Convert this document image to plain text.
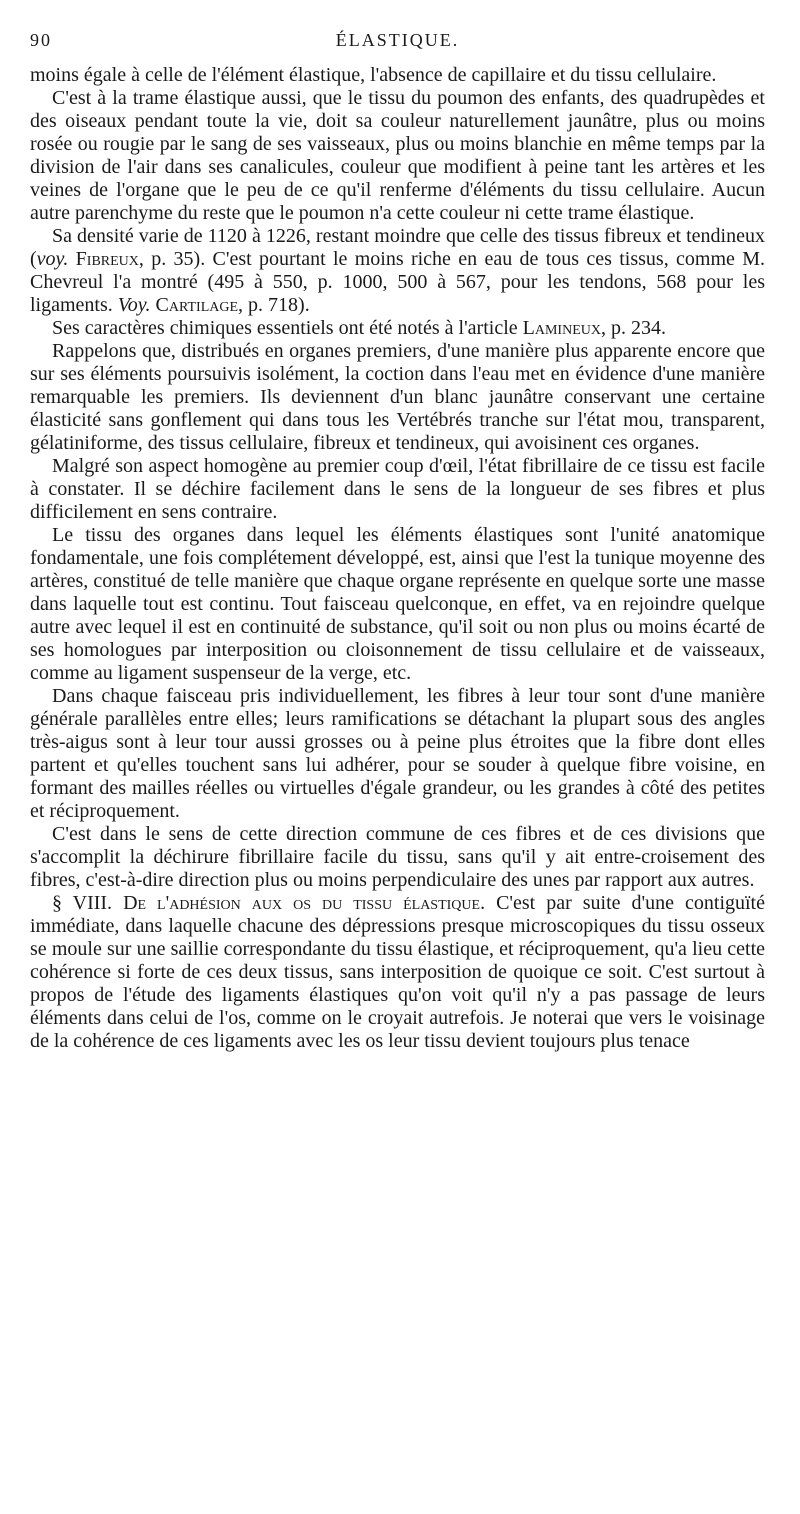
90	ÉLASTIQUE.

moins égale à celle de l'élément élastique, l'absence de capillaire et du tissu cellulaire.

C'est à la trame élastique aussi, que le tissu du poumon des enfants, des quadrupèdes et des oiseaux pendant toute la vie, doit sa couleur naturellement jaunâtre, plus ou moins rosée ou rougie par le sang de ses vaisseaux, plus ou moins blanchie en même temps par la division de l'air dans ses canalicules, couleur que modifient à peine tant les artères et les veines de l'organe que le peu de ce qu'il renferme d'éléments du tissu cellulaire. Aucun autre parenchyme du reste que le poumon n'a cette couleur ni cette trame élastique.

Sa densité varie de 1120 à 1226, restant moindre que celle des tissus fibreux et tendineux (voy. Fibreux, p. 35). C'est pourtant le moins riche en eau de tous ces tissus, comme M. Chevreul l'a montré (495 à 550, p. 1000, 500 à 567, pour les tendons, 568 pour les ligaments. Voy. Cartilage, p. 718).

Ses caractères chimiques essentiels ont été notés à l'article Lamineux, p. 234.

Rappelons que, distribués en organes premiers, d'une manière plus apparente encore que sur ses éléments poursuivis isolément, la coction dans l'eau met en évidence d'une manière remarquable les premiers. Ils deviennent d'un blanc jaunâtre conservant une certaine élasticité sans gonflement qui dans tous les Vertébrés tranche sur l'état mou, transparent, gélatiniforme, des tissus cellulaire, fibreux et tendineux, qui avoisinent ces organes.

Malgré son aspect homogène au premier coup d'œil, l'état fibrillaire de ce tissu est facile à constater. Il se déchire facilement dans le sens de la longueur de ses fibres et plus difficilement en sens contraire.

Le tissu des organes dans lequel les éléments élastiques sont l'unité anatomique fondamentale, une fois complétement développé, est, ainsi que l'est la tunique moyenne des artères, constitué de telle manière que chaque organe représente en quelque sorte une masse dans laquelle tout est continu. Tout faisceau quelconque, en effet, va en rejoindre quelque autre avec lequel il est en continuité de substance, qu'il soit ou non plus ou moins écarté de ses homologues par interposition ou cloisonnement de tissu cellulaire et de vaisseaux, comme au ligament suspenseur de la verge, etc.

Dans chaque faisceau pris individuellement, les fibres à leur tour sont d'une manière générale parallèles entre elles; leurs ramifications se détachant la plupart sous des angles très-aigus sont à leur tour aussi grosses ou à peine plus étroites que la fibre dont elles partent et qu'elles touchent sans lui adhérer, pour se souder à quelque fibre voisine, en formant des mailles réelles ou virtuelles d'égale grandeur, ou les grandes à côté des petites et réciproquement.

C'est dans le sens de cette direction commune de ces fibres et de ces divisions que s'accomplit la déchirure fibrillaire facile du tissu, sans qu'il y ait entre-croisement des fibres, c'est-à-dire direction plus ou moins perpendiculaire des unes par rapport aux autres.

§ VIII. De l'adhésion aux os du tissu élastique. C'est par suite d'une contiguïté immédiate, dans laquelle chacune des dépressions presque microscopiques du tissu osseux se moule sur une saillie correspondante du tissu élastique, et réciproquement, qu'a lieu cette cohérence si forte de ces deux tissus, sans interposition de quoique ce soit. C'est surtout à propos de l'étude des ligaments élastiques qu'on voit qu'il n'y a pas passage de leurs éléments dans celui de l'os, comme on le croyait autrefois. Je noterai que vers le voisinage de la cohérence de ces ligaments avec les os leur tissu devient toujours plus tenace
